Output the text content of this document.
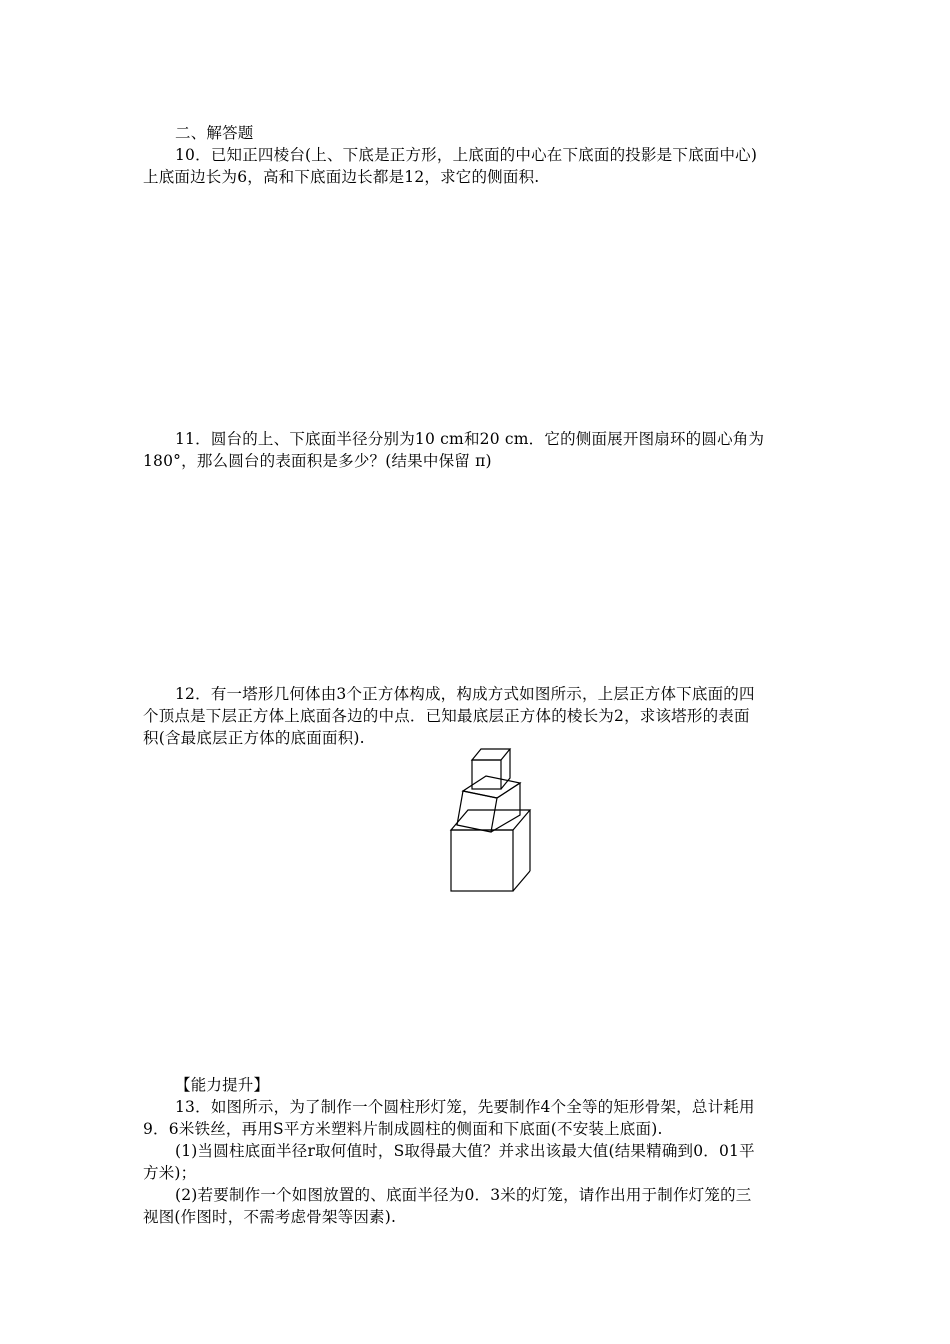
二、解答题
10．已知正四棱台(上、下底是正方形，上底面的中心在下底面的投影是下底面中心)
上底面边长为6，高和下底面边长都是12，求它的侧面积.
11．圆台的上、下底面半径分别为10 cm和20 cm．它的侧面展开图扇环的圆心角为
180°，那么圆台的表面积是多少？(结果中保留 π)
12．有一塔形几何体由3个正方体构成，构成方式如图所示，上层正方体下底面的四
个顶点是下层正方体上底面各边的中点．已知最底层正方体的棱长为2，求该塔形的表面
积(含最底层正方体的底面面积).
【能力提升】
13．如图所示，为了制作一个圆柱形灯笼，先要制作4个全等的矩形骨架，总计耗用
9．6米铁丝，再用S平方米塑料片制成圆柱的侧面和下底面(不安装上底面).
(1)当圆柱底面半径r取何值时，S取得最大值？并求出该最大值(结果精确到0．01平
方米)；
(2)若要制作一个如图放置的、底面半径为0．3米的灯笼，请作出用于制作灯笼的三
视图(作图时，不需考虑骨架等因素).
